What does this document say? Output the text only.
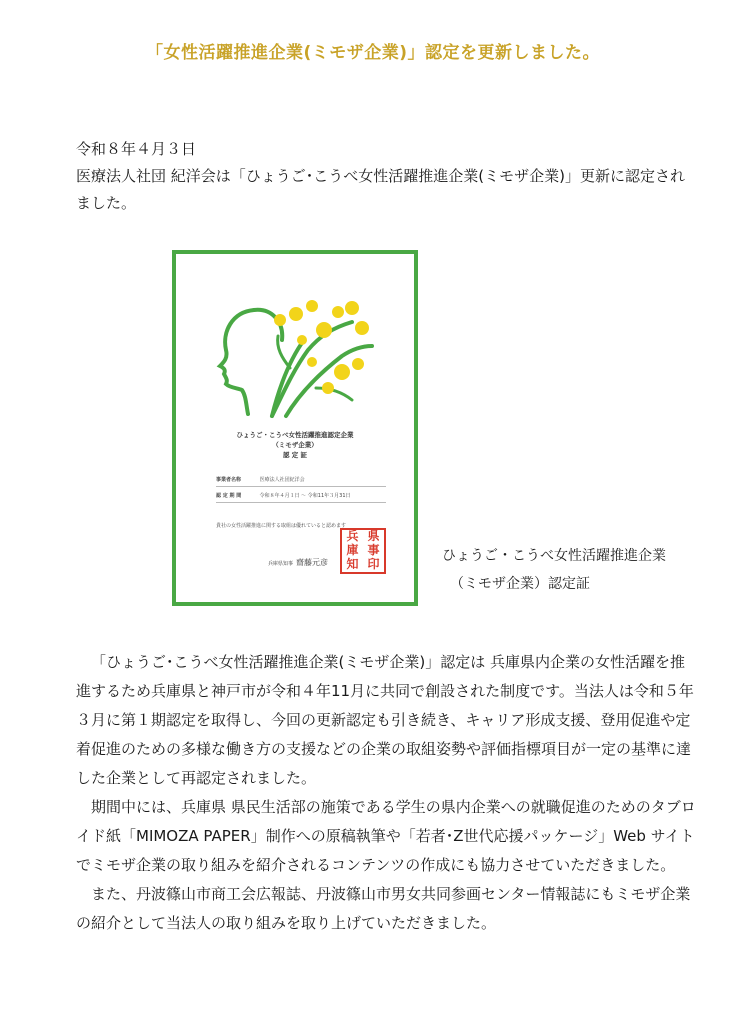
「女性活躍推進企業(ミモザ企業)」認定を更新しました。

令和８年４月３日

医療法人社団 紀洋会は「ひょうご･こうべ女性活躍推進企業(ミモザ企業)」更新に認定されました。

ひょうご・こうべ女性活躍推進認定企業
（ミモザ企業）
認 定 証
事業者名称	医療法人社団紀洋会
認 定 期 間	令和８年４月１日 ～ 令和11年３月31日
貴社の女性活躍推進に関する取組は優れていると認めます
兵庫県知事 齋藤元彦
兵
庫
知
県
事
印	ひょうご・こうべ女性活躍推進企業

（ミモザ企業）認定証

「ひょうご･こうべ女性活躍推進企業(ミモザ企業)」認定は 兵庫県内企業の女性活躍を推進するため兵庫県と神戸市が令和４年11月に共同で創設された制度です。当法人は令和５年３月に第１期認定を取得し、今回の更新認定も引き続き、キャリア形成支援、登用促進や定着促進のための多様な働き方の支援などの企業の取組姿勢や評価指標項目が一定の基準に達した企業として再認定されました。

期間中には、兵庫県 県民生活部の施策である学生の県内企業への就職促進のためのタブロイド紙「MIMOZA PAPER」制作への原稿執筆や「若者･Z世代応援パッケージ」Web サイトでミモザ企業の取り組みを紹介されるコンテンツの作成にも協力させていただきました。

また、丹波篠山市商工会広報誌、丹波篠山市男女共同参画センター情報誌にもミモザ企業の紹介として当法人の取り組みを取り上げていただきました。
